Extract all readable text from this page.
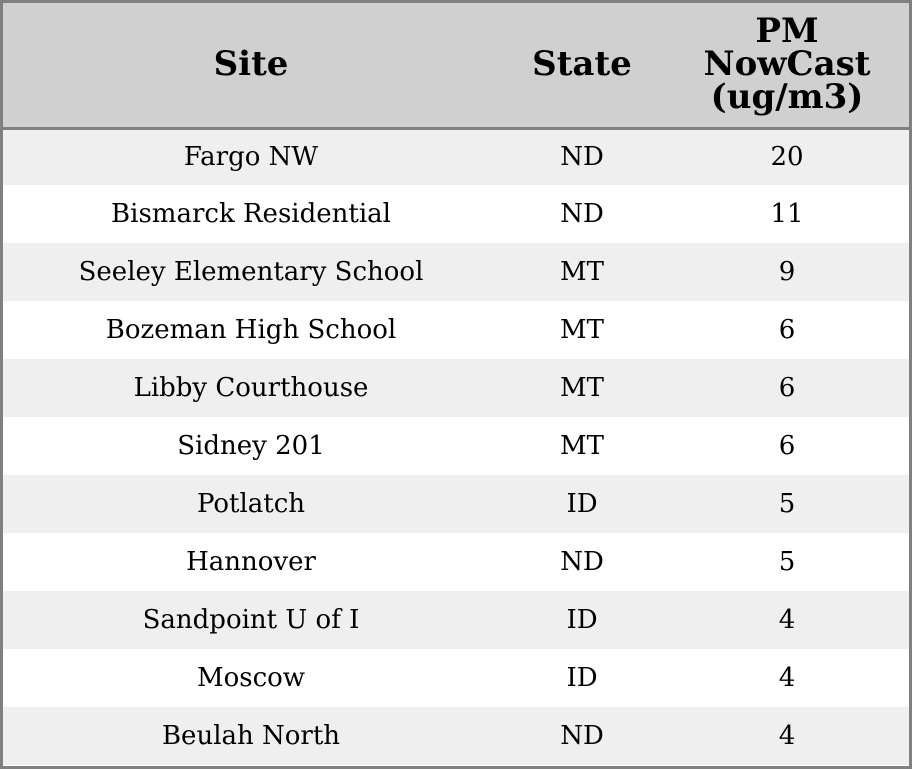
Site	State	PM
NowCast
(ug/m3)

Fargo NW	ND	20
Bismarck Residential	ND	11
Seeley Elementary School	MT	9
Bozeman High School	MT	6
Libby Courthouse	MT	6
Sidney 201	MT	6
Potlatch	ID	5
Hannover	ND	5
Sandpoint U of I	ID	4
Moscow	ID	4
Beulah North	ND	4
